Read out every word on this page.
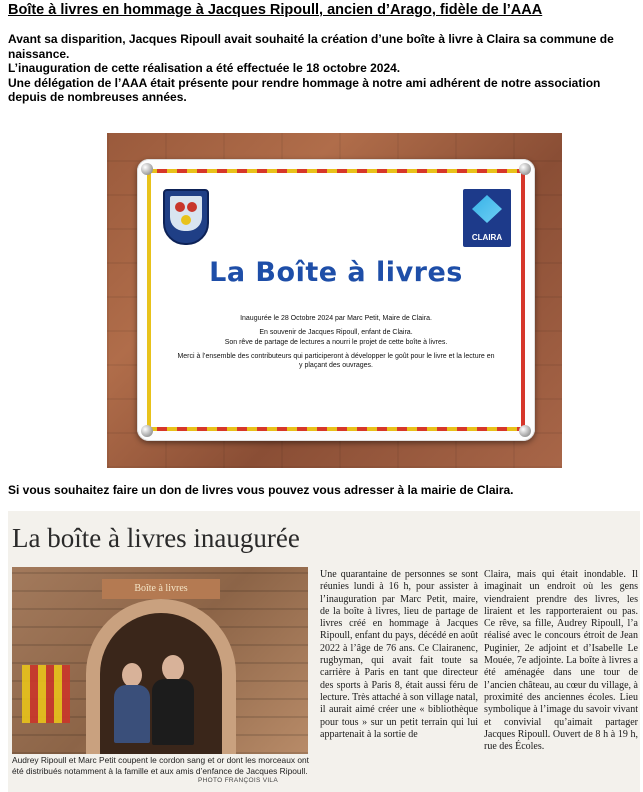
Boîte à livres en hommage à Jacques Ripoull, ancien d’Arago, fidèle de l’AAA

Avant sa disparition, Jacques Ripoull avait souhaité la création d’une boîte à livre à Claira sa commune de naissance.

L’inauguration de cette réalisation a été effectuée le 18 octobre 2024.

Une délégation de l’AAA était présente pour rendre hommage à notre ami adhérent de notre association depuis de nombreuses années.

CLAIRA
La Boîte à livres

Inaugurée le 28 Octobre 2024 par Marc Petit, Maire de Claira.

En souvenir de Jacques Ripoull, enfant de Claira.

Son rêve de partage de lectures a nourri le projet de cette boîte à livres.

Merci à l’ensemble des contributeurs qui participeront à développer le goût pour le livre et la lecture en y plaçant des ouvrages.

Si vous souhaitez faire un don de livres vous pouvez vous adresser à la mairie de Claira.
La boîte à livres inaugurée
Boîte à livres
Audrey Ripoull et Marc Petit coupent le cordon sang et or dont les morceaux ont été distribués notamment à la famille et aux amis d’enfance de Jacques Ripoull.
PHOTO FRANÇOIS VILA
Une quarantaine de personnes se sont réunies lundi à 16 h, pour assister à l’inauguration par Marc Petit, maire, de la boîte à livres, lieu de partage de livres créé en hommage à Jacques Ripoull, enfant du pays, décédé en août 2022 à l’âge de 76 ans. Ce Clairanenc, rugbyman, qui avait fait toute sa carrière à Paris en tant que directeur des sports à Paris 8, était aussi féru de lecture. Très attaché à son village natal, il aurait aimé créer une « bibliothèque pour tous » sur un petit terrain qui lui appartenait à la sortie de
Claira, mais qui était inondable. Il imaginait un endroit où les gens viendraient prendre des livres, les liraient et les rapporteraient ou pas. Ce rêve, sa fille, Audrey Ripoull, l’a réalisé avec le concours étroit de Jean Puginier, 2e adjoint et d’Isabelle Le Mouée, 7e adjointe. La boîte à livres a été aménagée dans une tour de l’ancien château, au cœur du village, à proximité des anciennes écoles. Lieu symbolique à l’image du savoir vivant et convivial qu’aimait partager Jacques Ripoull. Ouvert de 8 h à 19 h, rue des Écoles.
